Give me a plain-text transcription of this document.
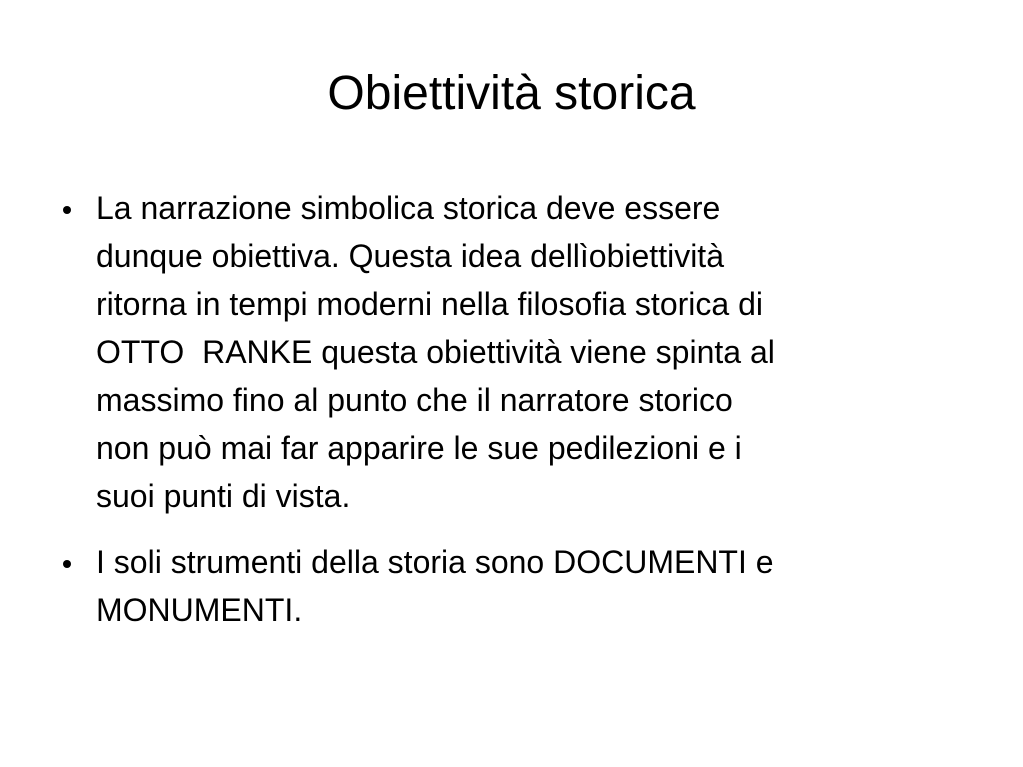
Obiettività storica
La narrazione simbolica storica deve essere
dunque obiettiva. Questa idea dellìobiettività
ritorna in tempi moderni nella filosofia storica di
OTTO  RANKE questa obiettività viene spinta al
massimo fino al punto che il narratore storico
non può mai far apparire le sue pedilezioni e i
suoi punti di vista.
I soli strumenti della storia sono DOCUMENTI e
MONUMENTI.
